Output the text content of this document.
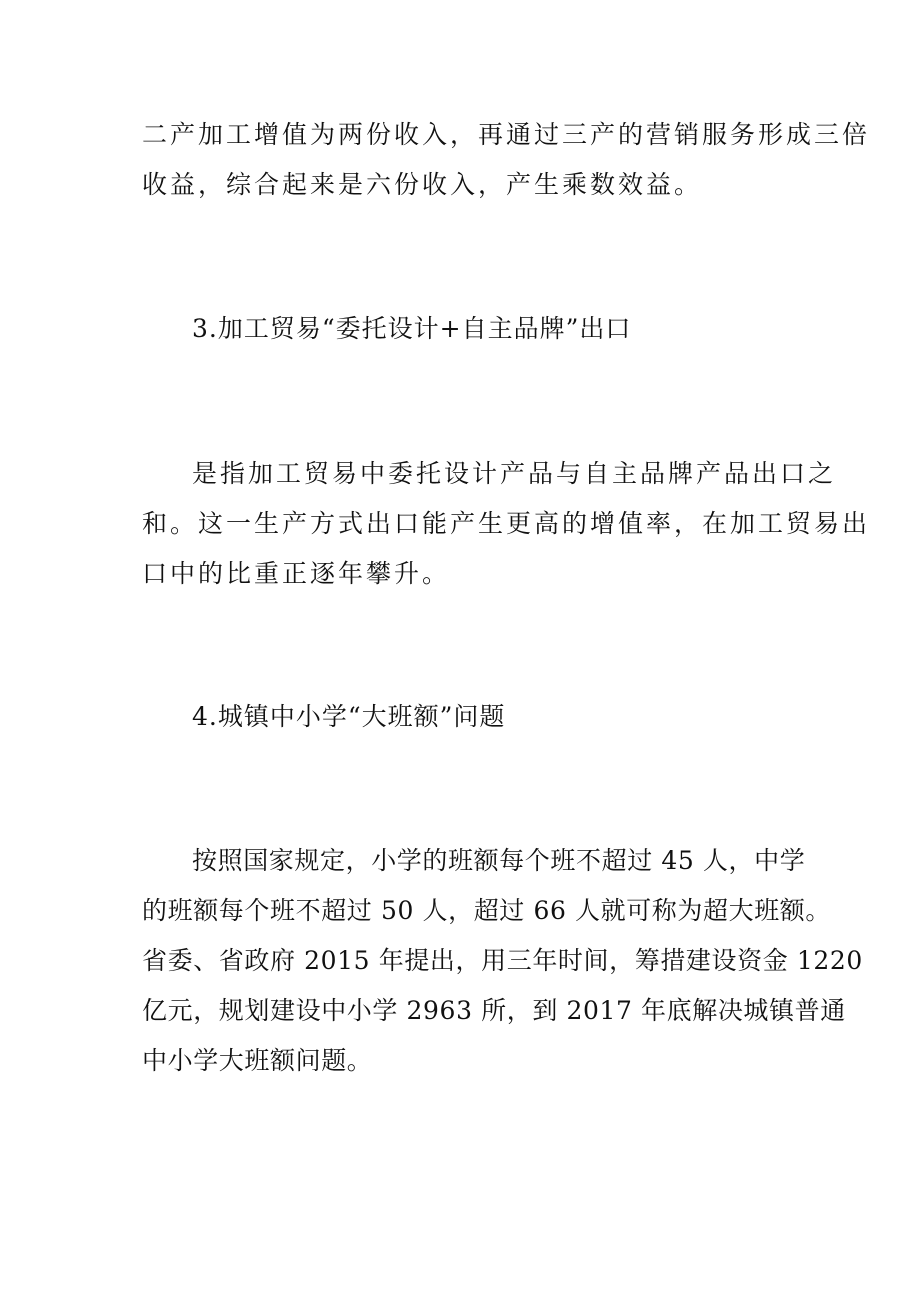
二产加工增值为两份收入，再通过三产的营销服务形成三倍
收益，综合起来是六份收入，产生乘数效益。
3.加工贸易“委托设计+自主品牌”出口
是指加工贸易中委托设计产品与自主品牌产品出口之
和。这一生产方式出口能产生更高的增值率，在加工贸易出
口中的比重正逐年攀升。
4.城镇中小学“大班额”问题
按照国家规定，小学的班额每个班不超过 45 人，中学
的班额每个班不超过 50 人，超过 66 人就可称为超大班额。
省委、省政府 2015 年提出，用三年时间，筹措建设资金 1220
亿元，规划建设中小学 2963 所，到 2017 年底解决城镇普通
中小学大班额问题。
